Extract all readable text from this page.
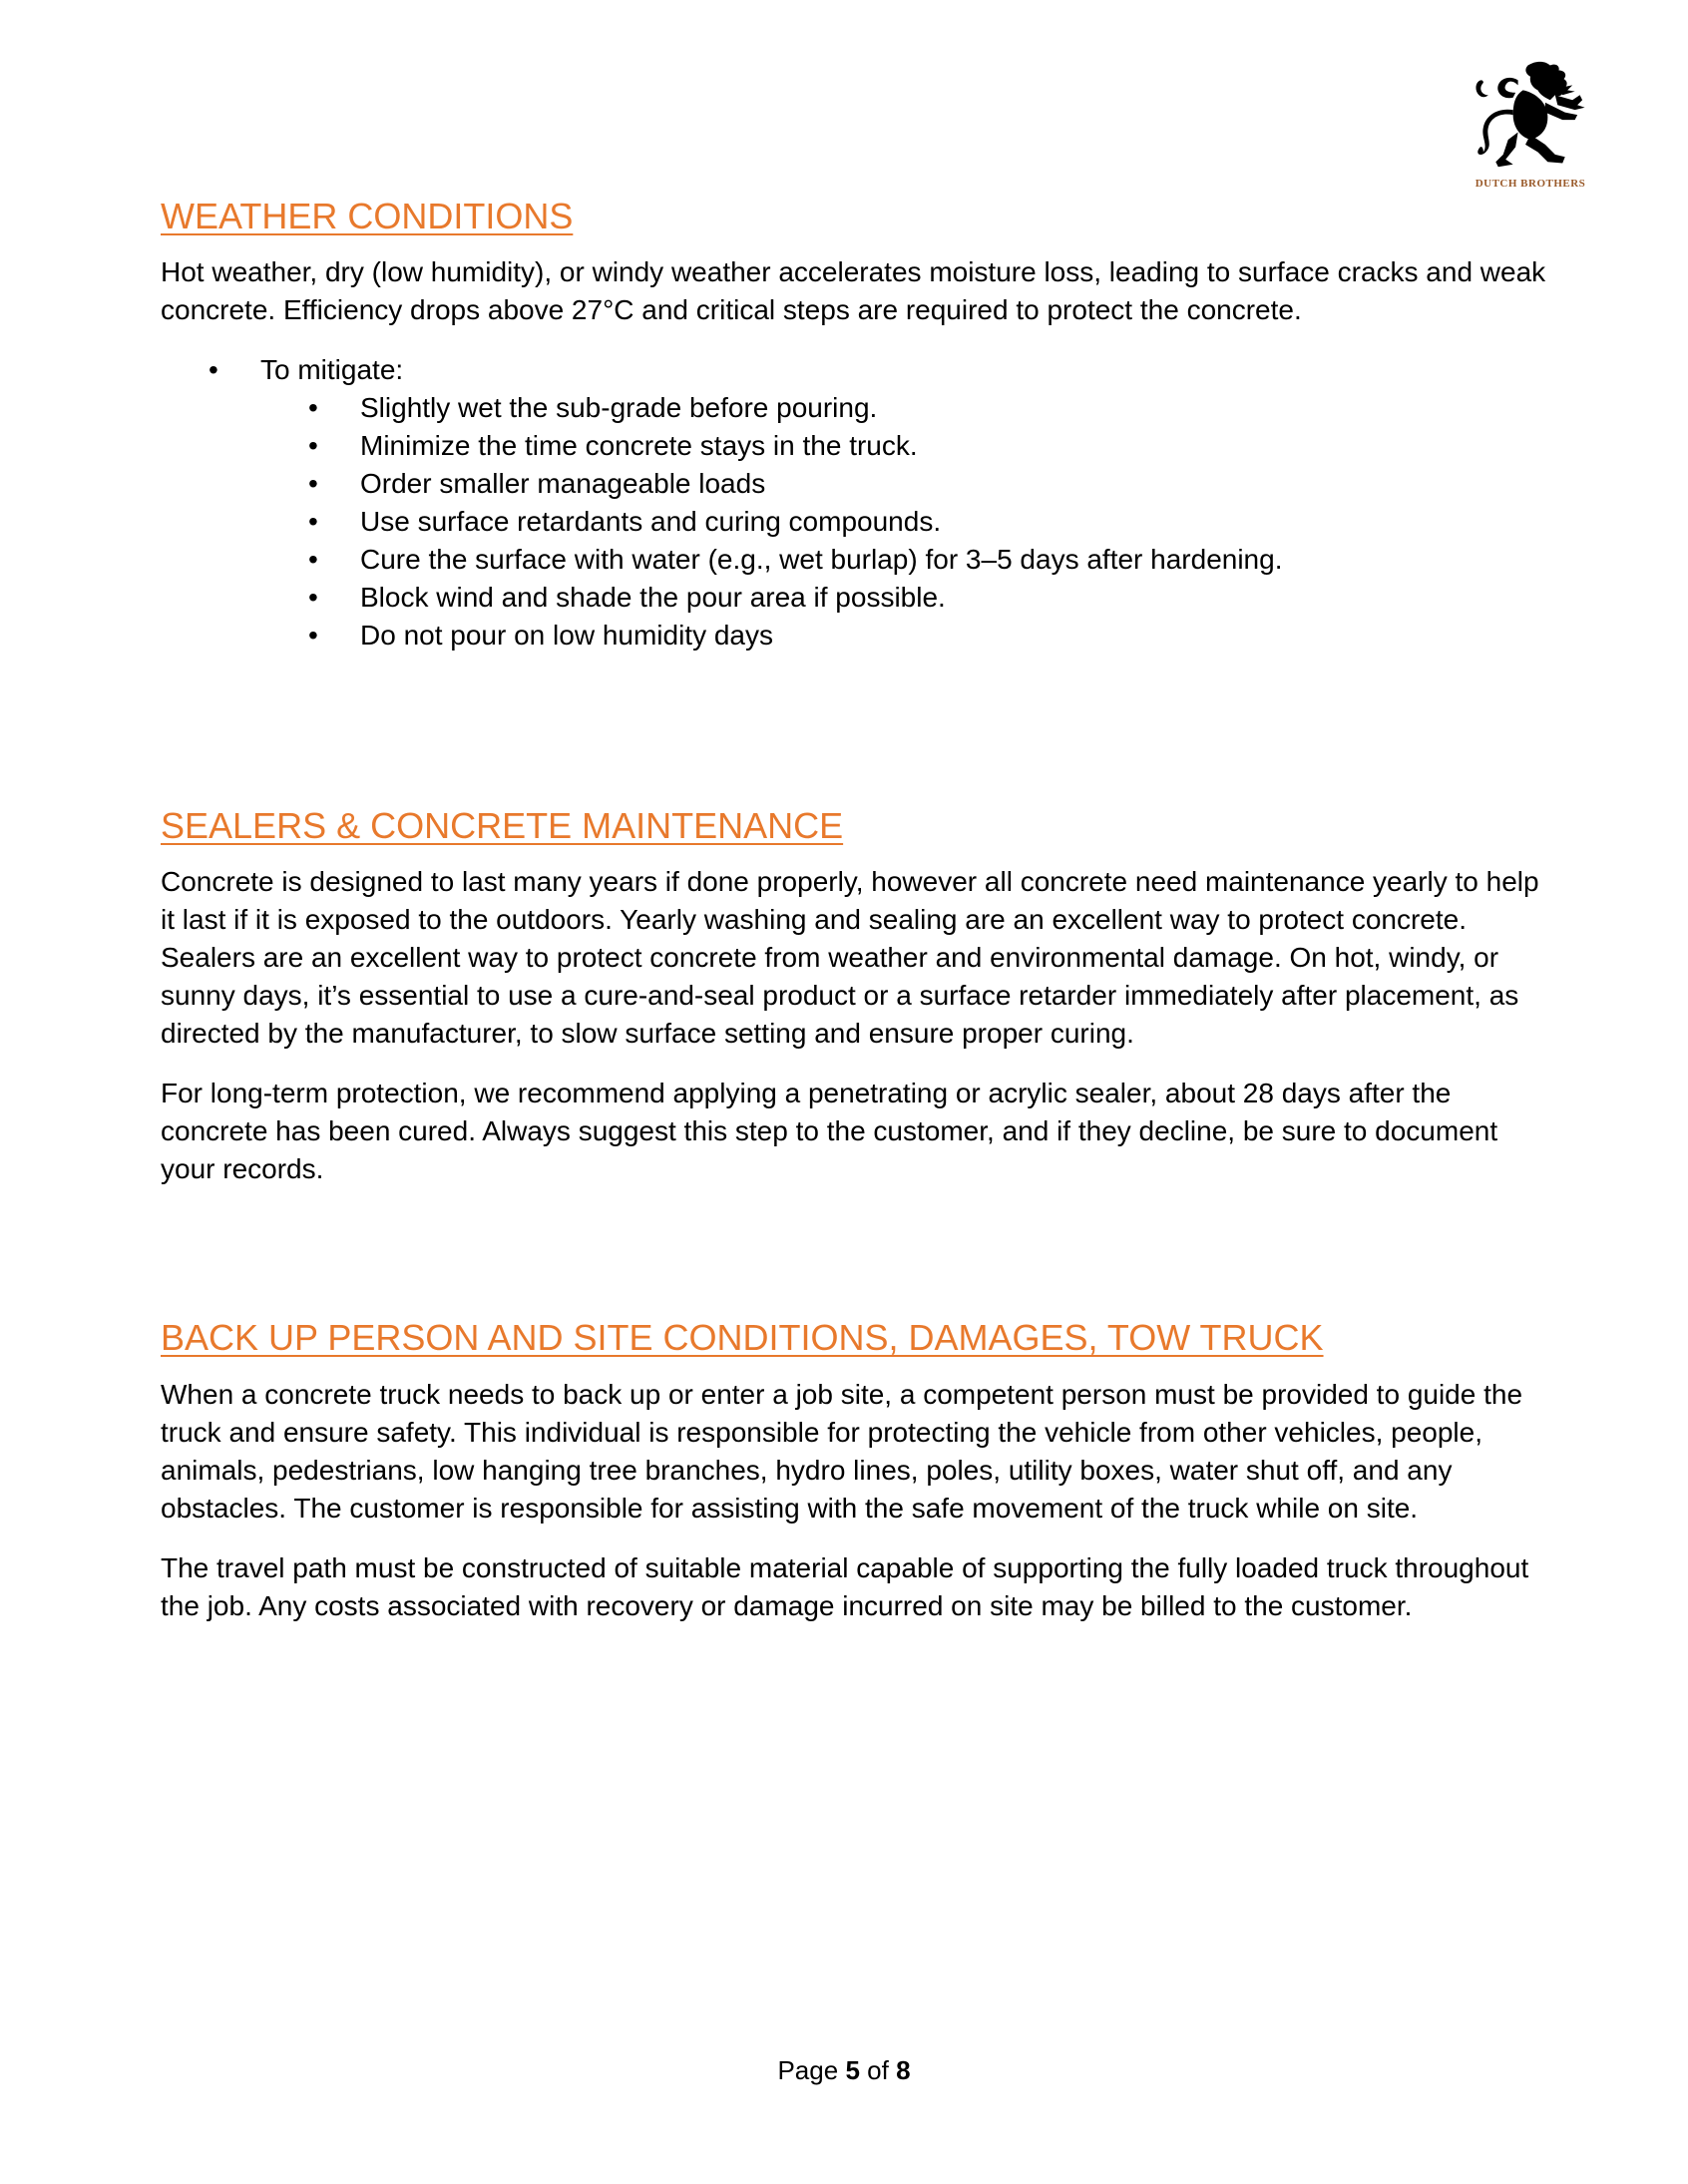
DUTCH BROTHERS
WEATHER CONDITIONS

Hot weather, dry (low humidity), or windy weather accelerates moisture loss, leading to surface cracks and weak concrete. Efficiency drops above 27°C and critical steps are required to protect the concrete.

• To mitigate:
• Slightly wet the sub-grade before pouring.
• Minimize the time concrete stays in the truck.
• Order smaller manageable loads
• Use surface retardants and curing compounds.
• Cure the surface with water (e.g., wet burlap) for 3–5 days after hardening.
• Block wind and shade the pour area if possible.
• Do not pour on low humidity days
SEALERS & CONCRETE MAINTENANCE

Concrete is designed to last many years if done properly, however all concrete need maintenance yearly to help it last if it is exposed to the outdoors. Yearly washing and sealing are an excellent way to protect concrete. Sealers are an excellent way to protect concrete from weather and environmental damage. On hot, windy, or sunny days, it’s essential to use a cure-and-seal product or a surface retarder immediately after placement, as directed by the manufacturer, to slow surface setting and ensure proper curing.

For long-term protection, we recommend applying a penetrating or acrylic sealer, about 28 days after the concrete has been cured. Always suggest this step to the customer, and if they decline, be sure to document your records.

BACK UP PERSON AND SITE CONDITIONS, DAMAGES, TOW TRUCK

When a concrete truck needs to back up or enter a job site, a competent person must be provided to guide the truck and ensure safety. This individual is responsible for protecting the vehicle from other vehicles, people, animals, pedestrians, low hanging tree branches, hydro lines, poles, utility boxes, water shut off, and any obstacles. The customer is responsible for assisting with the safe movement of the truck while on site.

The travel path must be constructed of suitable material capable of supporting the fully loaded truck throughout the job. Any costs associated with recovery or damage incurred on site may be billed to the customer.

Page 5 of 8
